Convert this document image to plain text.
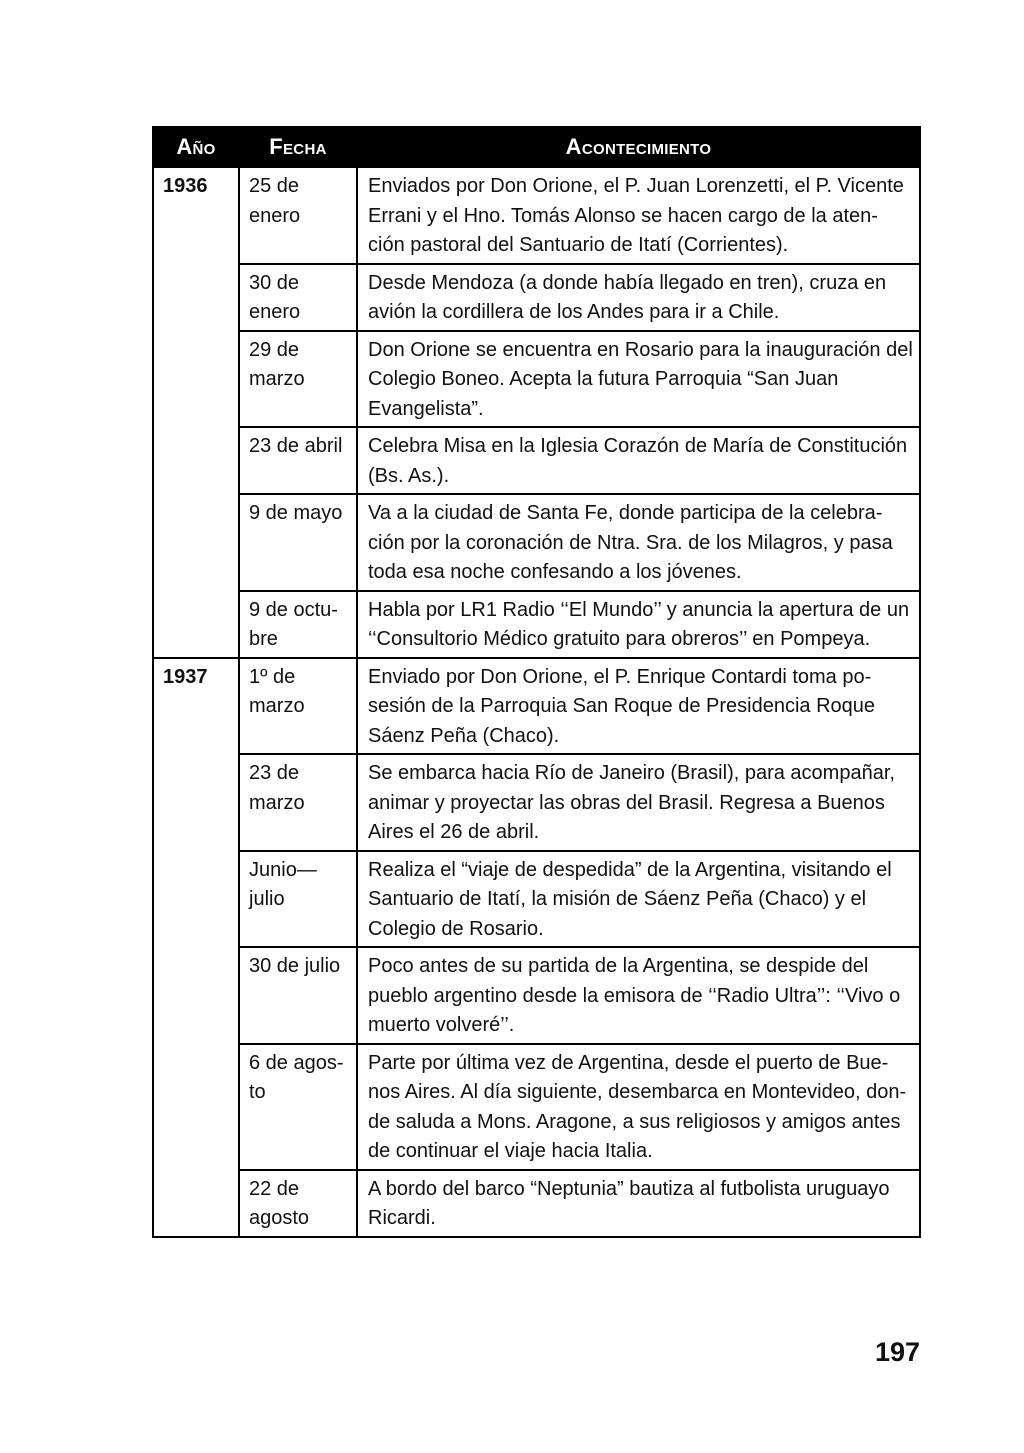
Año	Fecha	Acontecimiento
1936	25 de enero	Enviados por Don Orione, el P. Juan Lorenzetti, el P. Vicente Errani y el Hno. Tomás Alonso se hacen cargo de la aten-ción pastoral del Santuario de Itatí (Corrientes).
	30 de enero	Desde Mendoza (a donde había llegado en tren), cruza en avión la cordillera de los Andes para ir a Chile.
	29 de marzo	Don Orione se encuentra en Rosario para la inauguración del Colegio Boneo. Acepta la futura Parroquia “San Juan Evangelista”.
	23 de abril	Celebra Misa en la Iglesia Corazón de María de Constitución (Bs. As.).
	9 de mayo	Va a la ciudad de Santa Fe, donde participa de la celebra-ción por la coronación de Ntra. Sra. de los Milagros, y pasa toda esa noche confesando a los jóvenes.
	9 de octu-bre	Habla por LR1 Radio ‘‘El Mundo’’ y anuncia la apertura de un ‘‘Consultorio Médico gratuito para obreros’’ en Pompeya.
1937	1º de marzo	Enviado por Don Orione, el P. Enrique Contardi toma po-sesión de la Parroquia San Roque de Presidencia Roque Sáenz Peña (Chaco).
	23 de marzo	Se embarca hacia Río de Janeiro (Brasil), para acompañar, animar y proyectar las obras del Brasil. Regresa a Buenos Aires el 26 de abril.
	Junio— julio	Realiza el “viaje de despedida” de la Argentina, visitando el Santuario de Itatí, la misión de Sáenz Peña (Chaco) y el Colegio de Rosario.
	30 de julio	Poco antes de su partida de la Argentina, se despide del pueblo argentino desde la emisora de ‘‘Radio Ultra’’: ‘‘Vivo o muerto volveré’’.
	6 de agos-to	Parte por última vez de Argentina, desde el puerto de Bue-nos Aires. Al día siguiente, desembarca en Montevideo, don-de saluda a Mons. Aragone, a sus religiosos y amigos antes de continuar el viaje hacia Italia.
	22 de agosto	A bordo del barco “Neptunia” bautiza al futbolista uruguayo Ricardi.
197
